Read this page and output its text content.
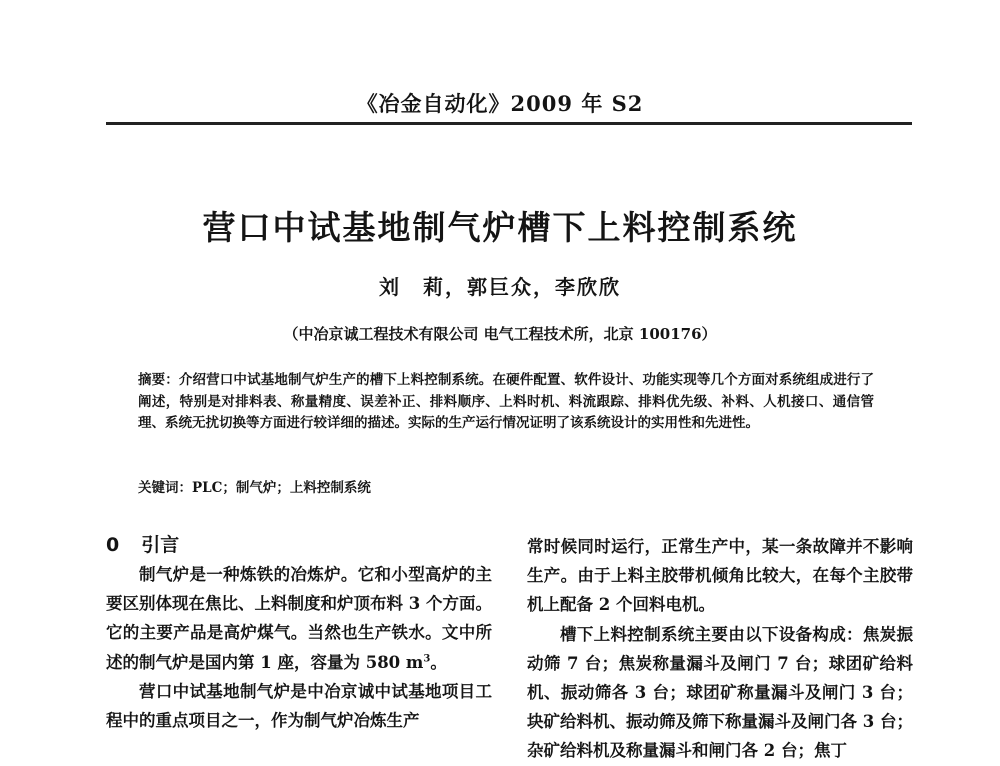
《冶金自动化》2009 年 S2
营口中试基地制气炉槽下上料控制系统
刘　莉，郭巨众，李欣欣
（中冶京诚工程技术有限公司 电气工程技术所，北京 100176）
摘要：介绍营口中试基地制气炉生产的槽下上料控制系统。在硬件配置、软件设计、功能实现等几个方面对系统组成进行了阐述，特别是对排料表、称量精度、误差补正、排料顺序、上料时机、料流跟踪、排料优先级、补料、人机接口、通信管理、系统无扰切换等方面进行较详细的描述。实际的生产运行情况证明了该系统设计的实用性和先进性。
关键词：PLC；制气炉；上料控制系统
0 引言

制气炉是一种炼铁的冶炼炉。它和小型高炉的主要区别体现在焦比、上料制度和炉顶布料 3 个方面。它的主要产品是高炉煤气。当然也生产铁水。文中所述的制气炉是国内第 1 座，容量为 580 $m^3$。

营口中试基地制气炉是中冶京诚中试基地项目工程中的重点项目之一，作为制气炉冶炼生产

常时候同时运行，正常生产中，某一条故障并不影响生产。由于上料主胶带机倾角比较大，在每个主胶带机上配备 2 个回料电机。

槽下上料控制系统主要由以下设备构成：焦炭振动筛 7 台；焦炭称量漏斗及闸门 7 台；球团矿给料机、振动筛各 3 台；球团矿称量漏斗及闸门 3 台；块矿给料机、振动筛及筛下称量漏斗及闸门各 3 台；杂矿给料机及称量漏斗和闸门各 2 台；焦丁
